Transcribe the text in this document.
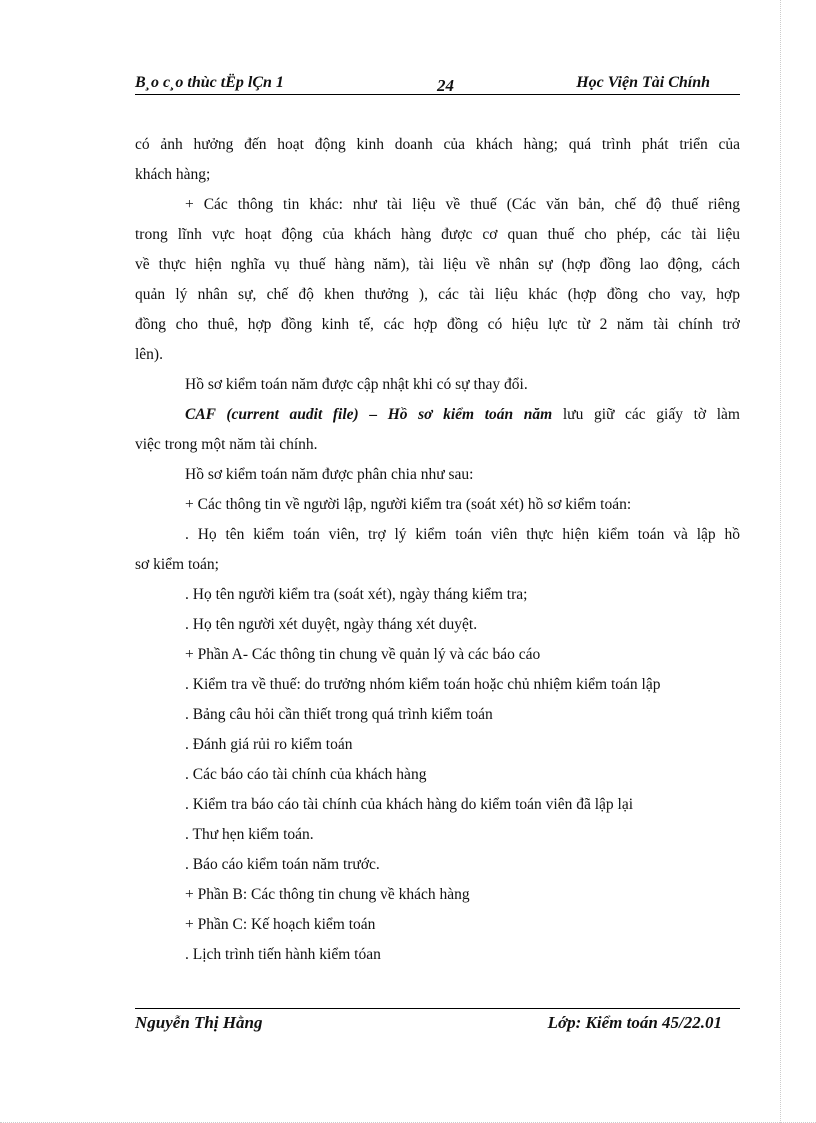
B¸o c¸o thùc tËp lÇn 1	24	Học Viện Tài Chính
có ảnh hưởng đến hoạt động kinh doanh của khách hàng; quá trình phát triển của
khách hàng;
+ Các thông tin khác: như tài liệu về thuế (Các văn bản, chế độ thuế riêng
trong lĩnh vực hoạt động của khách hàng được cơ quan thuế cho phép, các tài liệu
về thực hiện nghĩa vụ thuế hàng năm), tài liệu về nhân sự (hợp đồng lao động, cách
quản lý nhân sự, chế độ khen thưởng ), các tài liệu khác (hợp đồng cho vay, hợp
đồng cho thuê, hợp đồng kinh tế, các hợp đồng có hiệu lực từ 2 năm tài chính trở
lên).
Hồ sơ kiểm toán năm được cập nhật khi có sự thay đổi.
CAF (current audit file) – Hồ sơ kiểm toán năm lưu giữ các giấy tờ làm
việc trong một năm tài chính.
Hồ sơ kiểm toán năm được phân chia như sau:
+ Các thông tin về người lập, người kiểm tra (soát xét) hồ sơ kiểm toán:
. Họ tên kiểm toán viên, trợ lý kiểm toán viên thực hiện kiểm toán và lập hồ
sơ kiểm toán;
. Họ tên người kiểm tra (soát xét), ngày tháng kiểm tra;
. Họ tên người xét duyệt, ngày tháng xét duyệt.
+ Phần A- Các thông tin chung về quản lý và các báo cáo
. Kiểm tra về thuế: do trưởng nhóm kiểm toán hoặc chủ nhiệm kiểm toán lập
. Bảng câu hỏi cần thiết trong quá trình kiểm toán
. Đánh giá rủi ro kiểm toán
. Các báo cáo tài chính của khách hàng
. Kiểm tra báo cáo tài chính của khách hàng do kiểm toán viên đã lập lại
. Thư hẹn kiểm toán.
. Báo cáo kiểm toán năm trước.
+ Phần B: Các thông tin chung về khách hàng
+ Phần C: Kế hoạch kiểm toán
. Lịch trình tiến hành kiểm tóan
Nguyễn Thị Hằng	Lớp: Kiểm toán 45/22.01
